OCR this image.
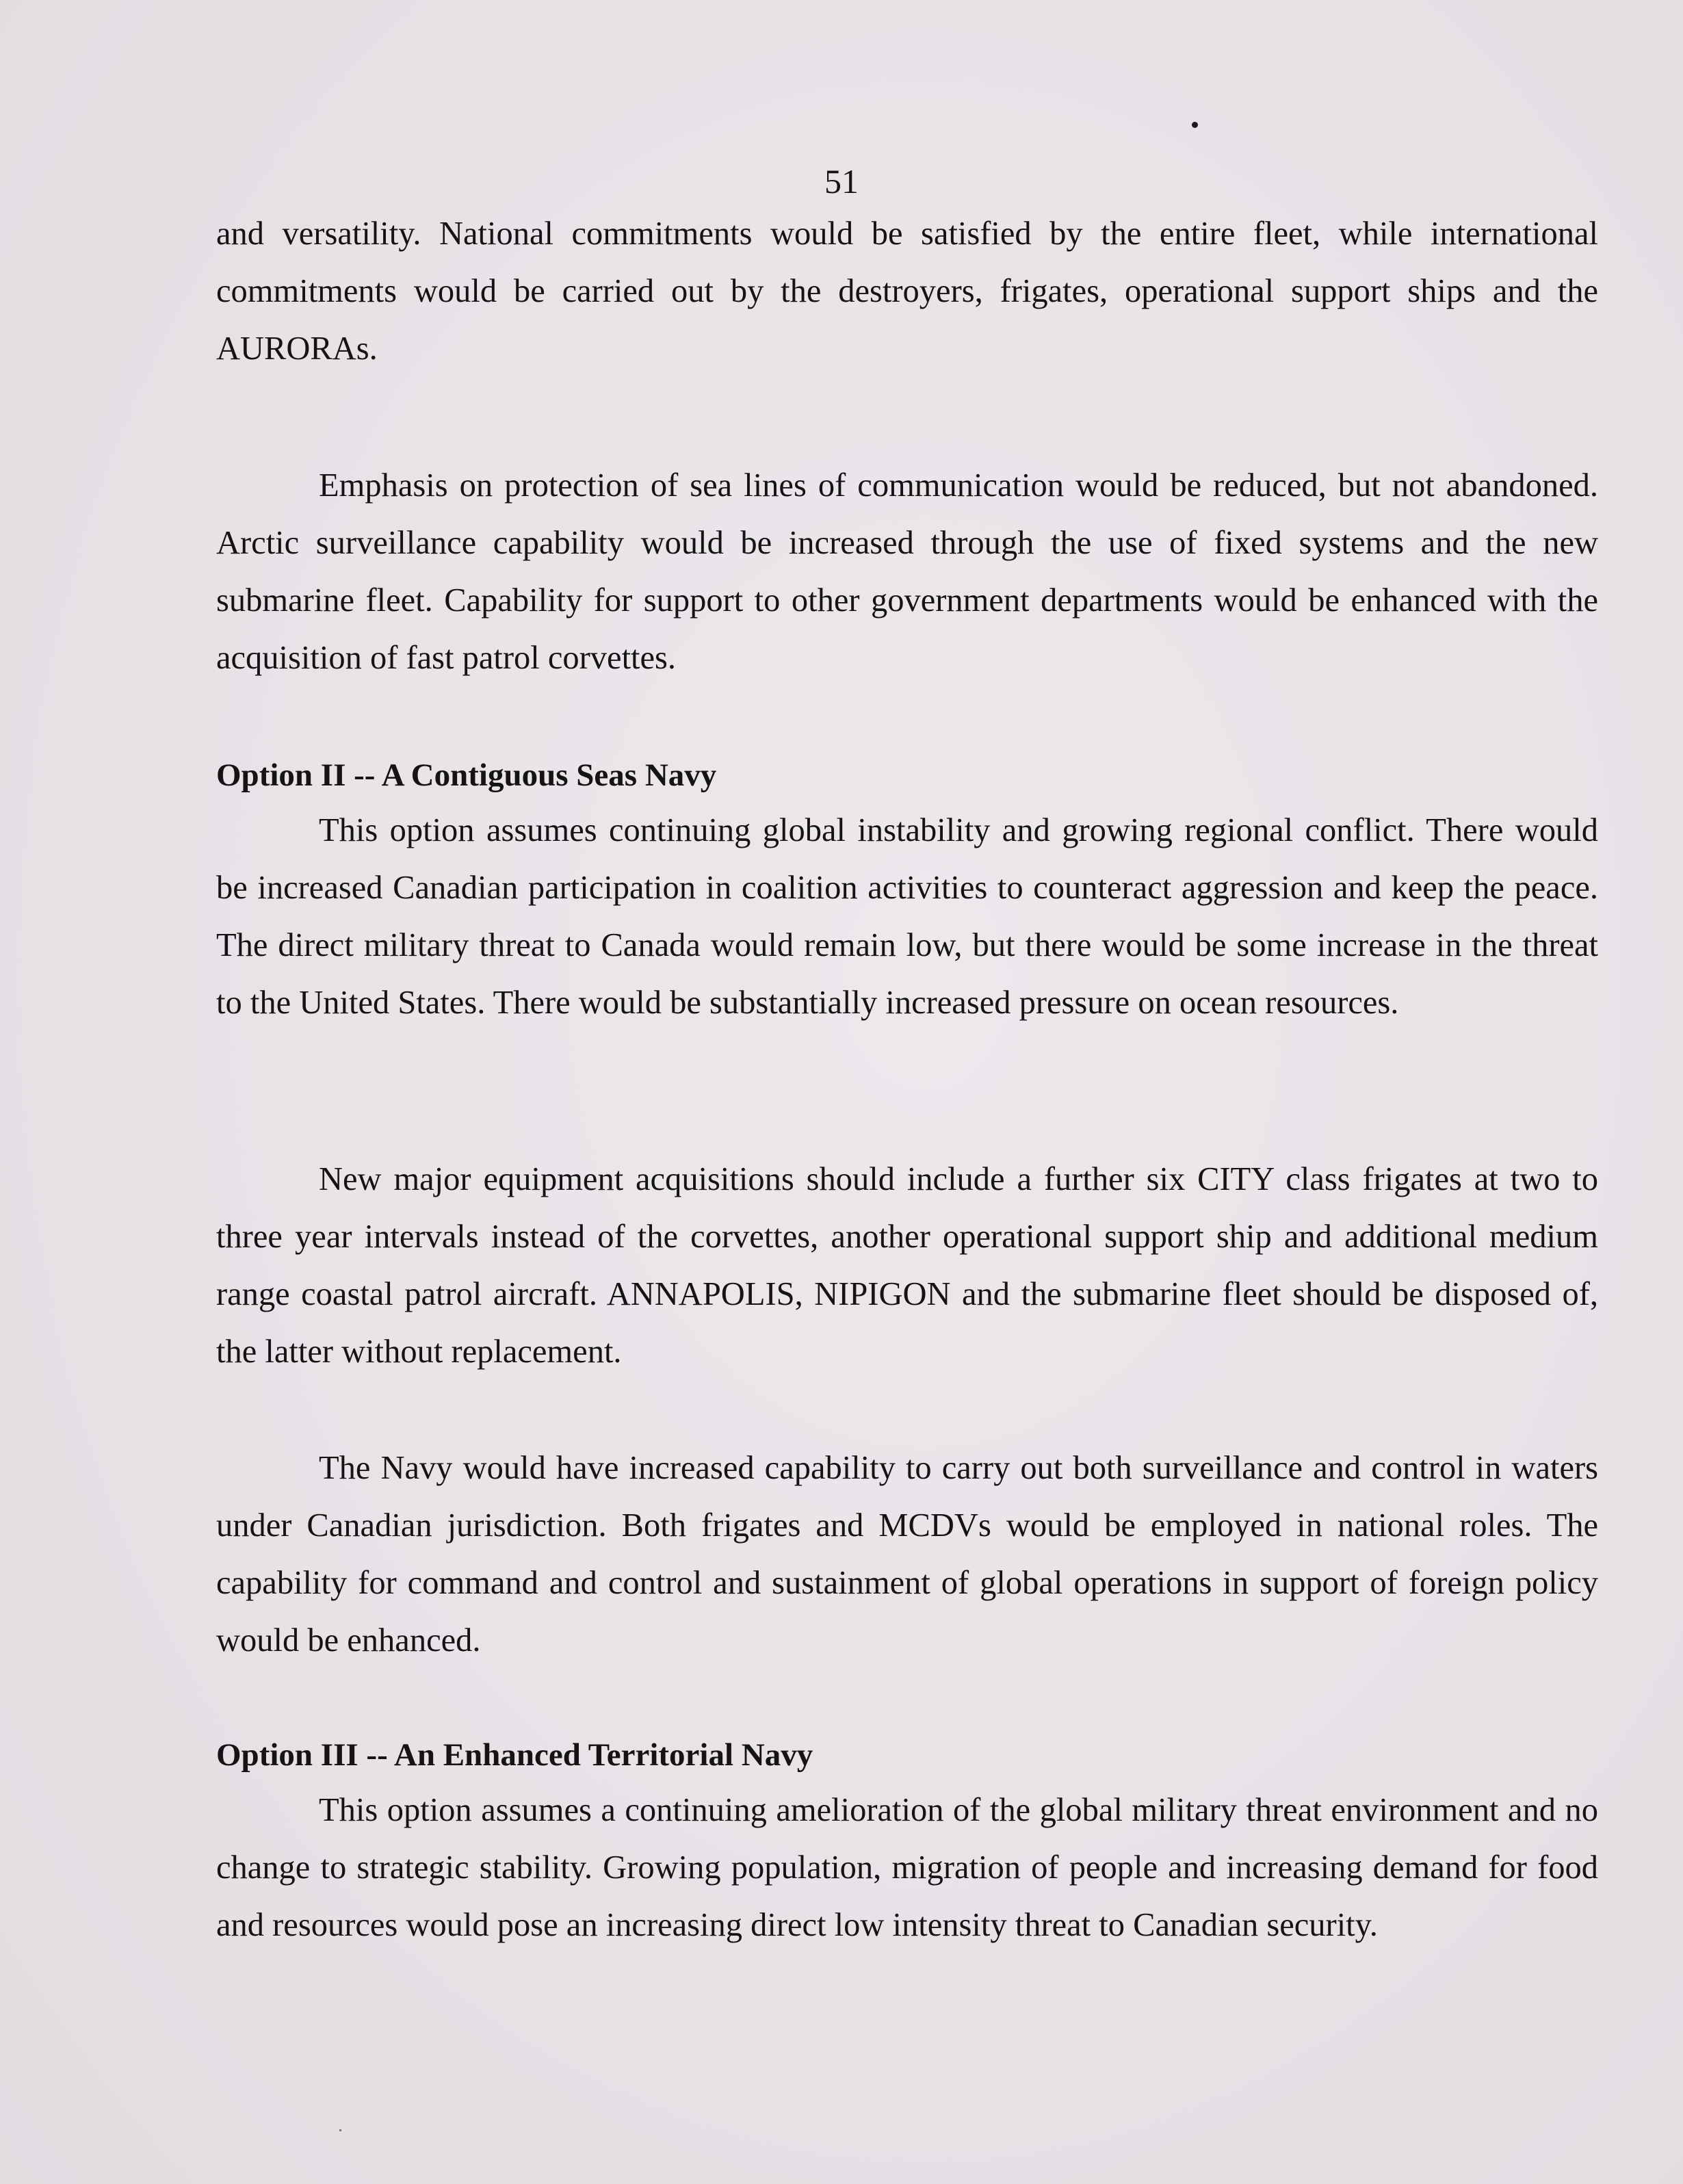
51

and versatility. National commitments would be satisfied by the entire fleet, while international commitments would be carried out by the destroyers, frigates, operational support ships and the AURORAs.

Emphasis on protection of sea lines of communication would be reduced, but not abandoned. Arctic surveillance capability would be increased through the use of fixed systems and the new submarine fleet. Capability for support to other government departments would be enhanced with the acquisition of fast patrol corvettes.

Option II -- A Contiguous Seas Navy

This option assumes continuing global instability and growing regional conflict. There would be increased Canadian participation in coalition activities to counteract aggression and keep the peace. The direct military threat to Canada would remain low, but there would be some increase in the threat to the United States. There would be substantially increased pressure on ocean resources.

New major equipment acquisitions should include a further six CITY class frigates at two to three year intervals instead of the corvettes, another operational support ship and additional medium range coastal patrol aircraft. ANNAPOLIS, NIPIGON and the submarine fleet should be disposed of, the latter without replacement.

The Navy would have increased capability to carry out both surveillance and control in waters under Canadian jurisdiction. Both frigates and MCDVs would be employed in national roles. The capability for command and control and sustainment of global operations in support of foreign policy would be enhanced.

Option III -- An Enhanced Territorial Navy

This option assumes a continuing amelioration of the global military threat environment and no change to strategic stability. Growing population, migration of people and increasing demand for food and resources would pose an increasing direct low intensity threat to Canadian security.
